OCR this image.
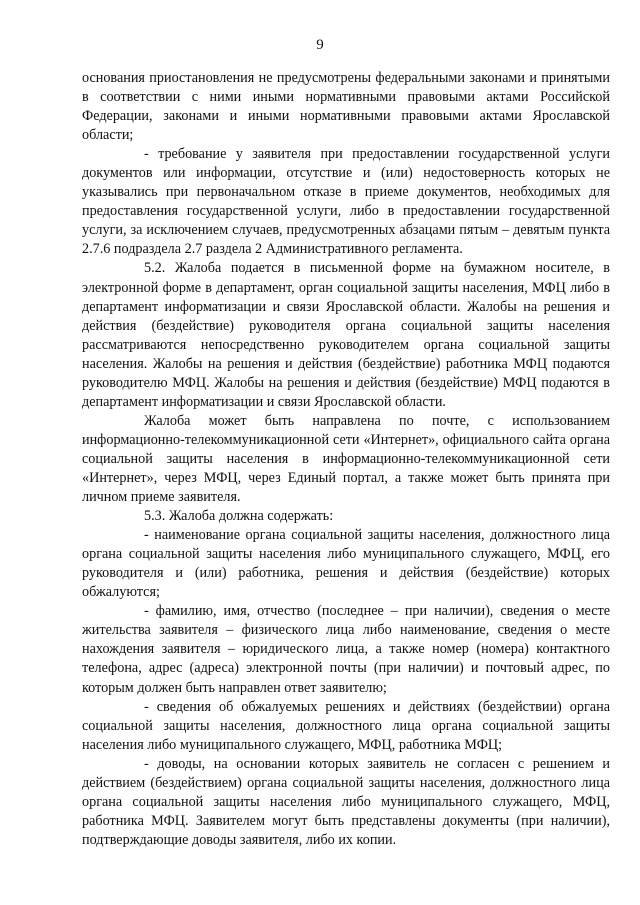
9

основания приостановления не предусмотрены федеральными законами и принятыми в соответствии с ними иными нормативными правовыми актами Российской Федерации, законами и иными нормативными правовыми актами Ярославской области;

- требование у заявителя при предоставлении государственной услуги документов или информации, отсутствие и (или) недостоверность которых не указывались при первоначальном отказе в приеме документов, необходимых для предоставления государственной услуги, либо в предоставлении государственной услуги, за исключением случаев, предусмотренных абзацами пятым – девятым пункта 2.7.6 подраздела 2.7 раздела 2 Административного регламента.

5.2. Жалоба подается в письменной форме на бумажном носителе, в электронной форме в департамент, орган социальной защиты населения, МФЦ либо в департамент информатизации и связи Ярославской области. Жалобы на решения и действия (бездействие) руководителя органа социальной защиты населения рассматриваются непосредственно руководителем органа социальной защиты населения. Жалобы на решения и действия (бездействие) работника МФЦ подаются руководителю МФЦ. Жалобы на решения и действия (бездействие) МФЦ подаются в департамент информатизации и связи Ярославской области.

Жалоба может быть направлена по почте, с использованием информационно-телекоммуникационной сети «Интернет», официального сайта органа социальной защиты населения в информационно-телекоммуникационной сети «Интернет», через МФЦ, через Единый портал, а также может быть принята при личном приеме заявителя.

5.3. Жалоба должна содержать:

- наименование органа социальной защиты населения, должностного лица органа социальной защиты населения либо муниципального служащего, МФЦ, его руководителя и (или) работника, решения и действия (бездействие) которых обжалуются;

- фамилию, имя, отчество (последнее – при наличии), сведения о месте жительства заявителя – физического лица либо наименование, сведения о месте нахождения заявителя – юридического лица, а также номер (номера) контактного телефона, адрес (адреса) электронной почты (при наличии) и почтовый адрес, по которым должен быть направлен ответ заявителю;

- сведения об обжалуемых решениях и действиях (бездействии) органа социальной защиты населения, должностного лица органа социальной защиты населения либо муниципального служащего, МФЦ, работника МФЦ;

- доводы, на основании которых заявитель не согласен с решением и действием (бездействием) органа социальной защиты населения, должностного лица органа социальной защиты населения либо муниципального служащего, МФЦ, работника МФЦ. Заявителем могут быть представлены документы (при наличии), подтверждающие доводы заявителя, либо их копии.
